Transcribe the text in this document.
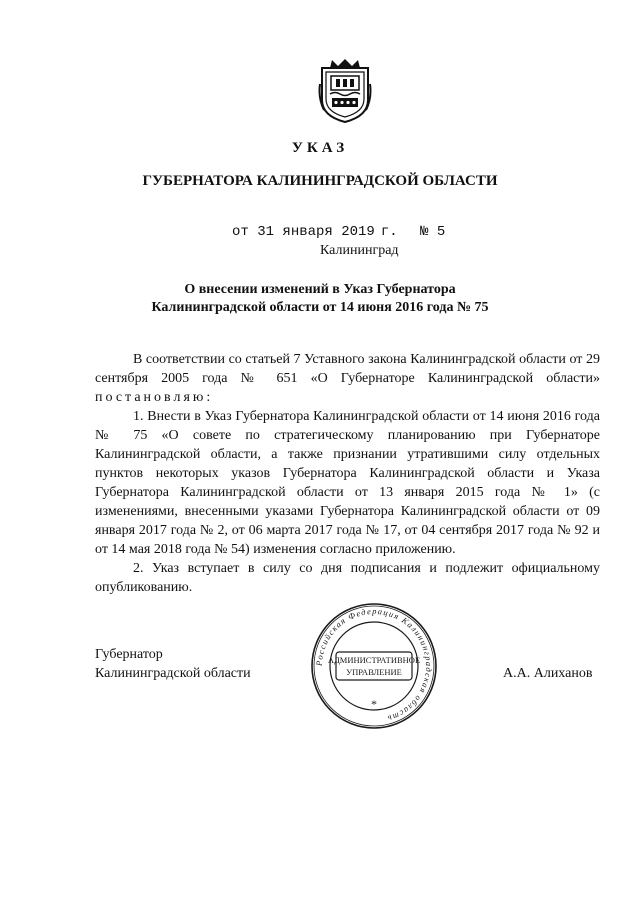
УКАЗ
ГУБЕРНАТОРА КАЛИНИНГРАДСКОЙ ОБЛАСТИ
от 31 января 2019 г. № 5
Калининград
О внесении изменений в Указ Губернатора
Калининградской области от 14 июня 2016 года № 75

В соответствии со статьей 7 Уставного закона Калининградской области от 29 сентября 2005 года № 651 «О Губернаторе Калининградской области» постановляю:

1. Внести в Указ Губернатора Калининградской области от 14 июня 2016 года № 75 «О совете по стратегическому планированию при Губернаторе Калининградской области, а также признании утратившими силу отдельных пунктов некоторых указов Губернатора Калининградской области и Указа Губернатора Калининградской области от 13 января 2015 года № 1» (с изменениями, внесенными указами Губернатора Калининградской области от 09 января 2017 года № 2, от 06 марта 2017 года № 17, от 04 сентября 2017 года № 92 и от 14 мая 2018 года № 54) изменения согласно приложению.

2. Указ вступает в силу со дня подписания и подлежит официальному опубликованию.

Губернатор
Калининградской области	А.А. Алиханов
Российская Федерация Калининградская область
АДМИНИСТРАТИВНОЕ
УПРАВЛЕНИЕ
*
